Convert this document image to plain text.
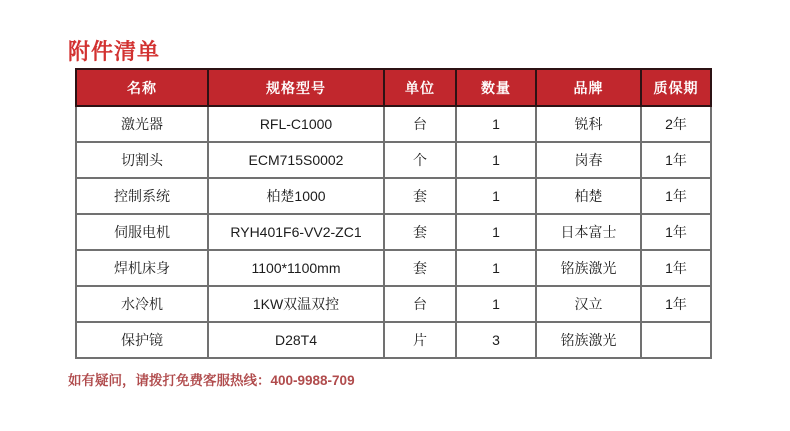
附件清单
名称	规格型号	单位	数量	品牌	质保期
激光器	RFL-C1000	台	1	锐科	2年
切割头	ECM715S0002	个	1	岗春	1年
控制系统	柏楚1000	套	1	柏楚	1年
伺服电机	RYH401F6-VV2-ZC1	套	1	日本富士	1年
焊机床身	1100*1100mm	套	1	铭族激光	1年
水冷机	1KW双温双控	台	1	汉立	1年
保护镜	D28T4	片	3	铭族激光	
如有疑问，请拨打免费客服热线：400-9988-709
